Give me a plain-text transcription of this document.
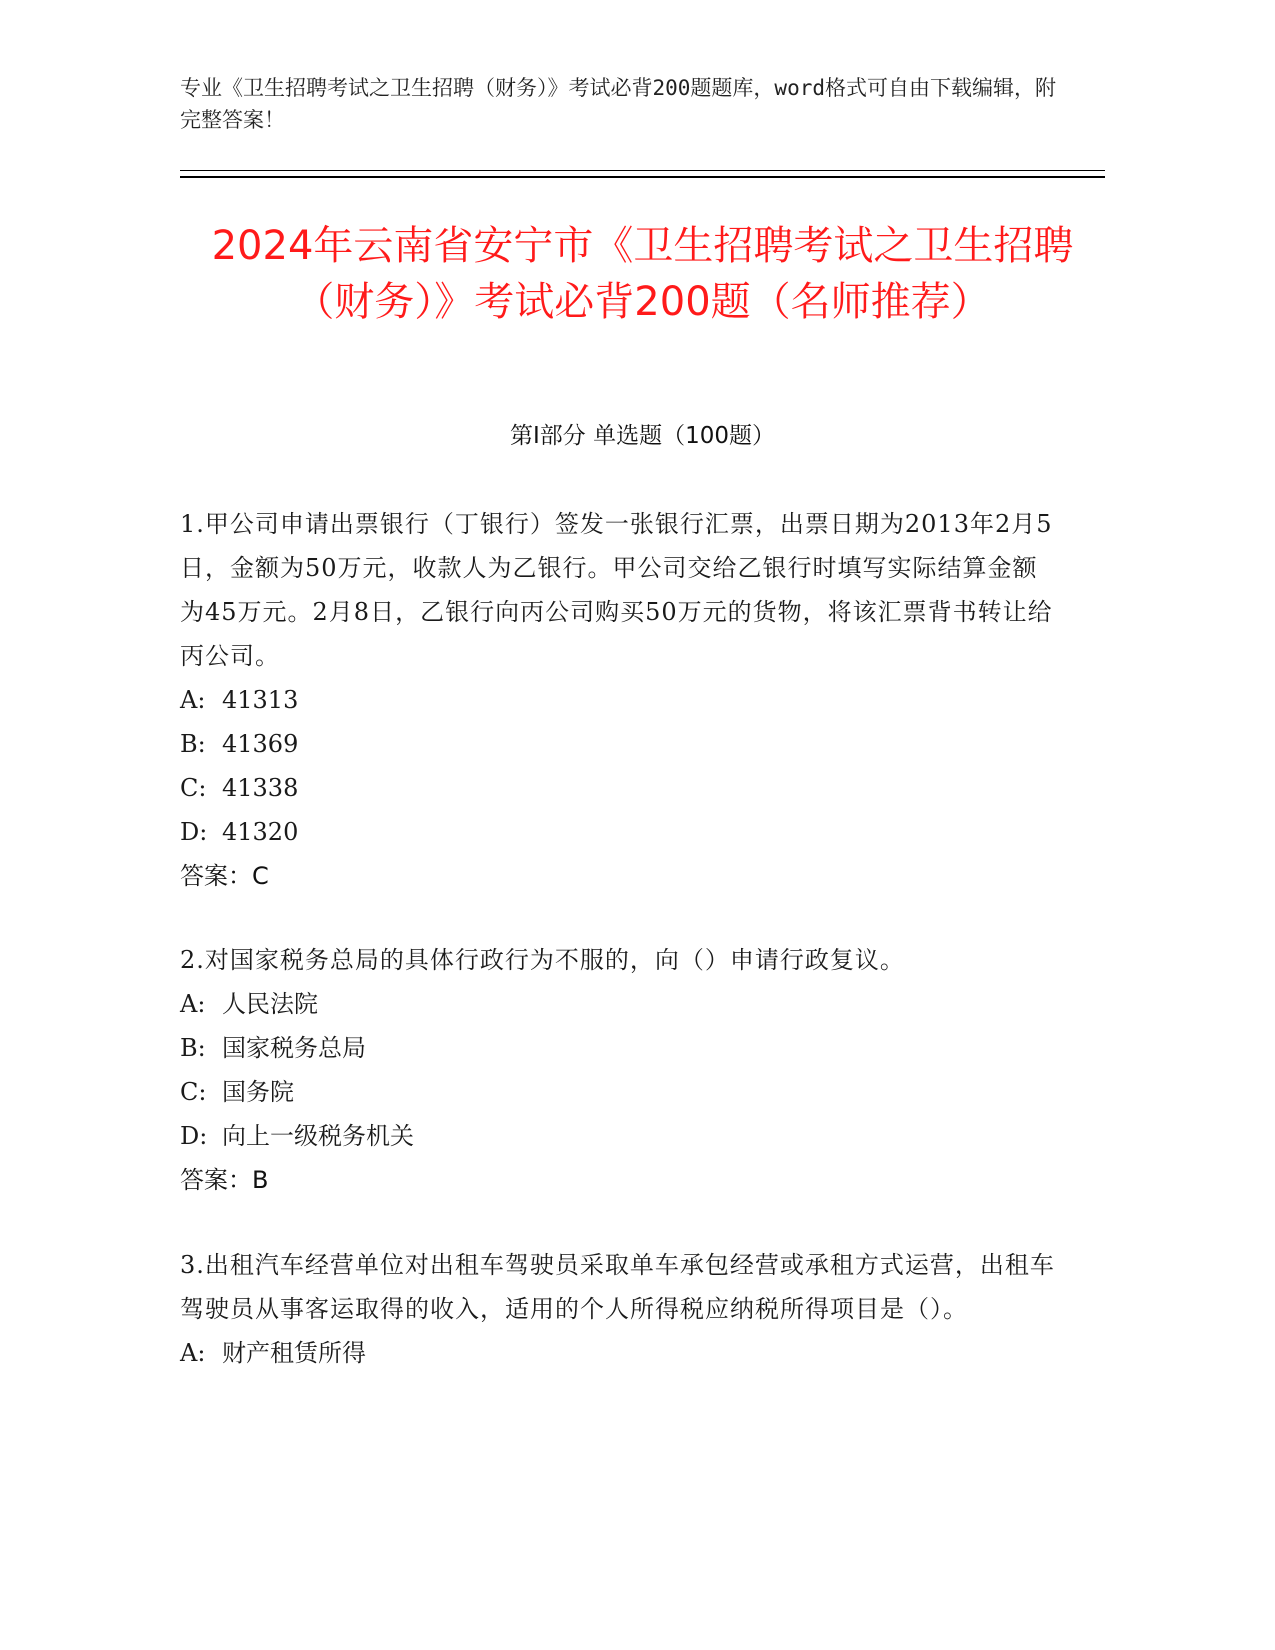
专业《卫生招聘考试之卫生招聘（财务）》考试必背200题题库，word格式可自由下载编辑，附完整答案！
2024年云南省安宁市《卫生招聘考试之卫生招聘（财务）》考试必背200题（名师推荐）
第Ⅰ部分 单选题（100题）

1.甲公司申请出票银行（丁银行）签发一张银行汇票，出票日期为2013年2月5日，金额为50万元，收款人为乙银行。甲公司交给乙银行时填写实际结算金额为45万元。2月8日，乙银行向丙公司购买50万元的货物，将该汇票背书转让给丙公司。

A: 41313
B: 41369
C: 41338
D: 41320
答案：C

2.对国家税务总局的具体行政行为不服的，向（）申请行政复议。

A: 人民法院
B: 国家税务总局
C: 国务院
D: 向上一级税务机关
答案：B

3.出租汽车经营单位对出租车驾驶员采取单车承包经营或承租方式运营，出租车驾驶员从事客运取得的收入，适用的个人所得税应纳税所得项目是（）。

A: 财产租赁所得
